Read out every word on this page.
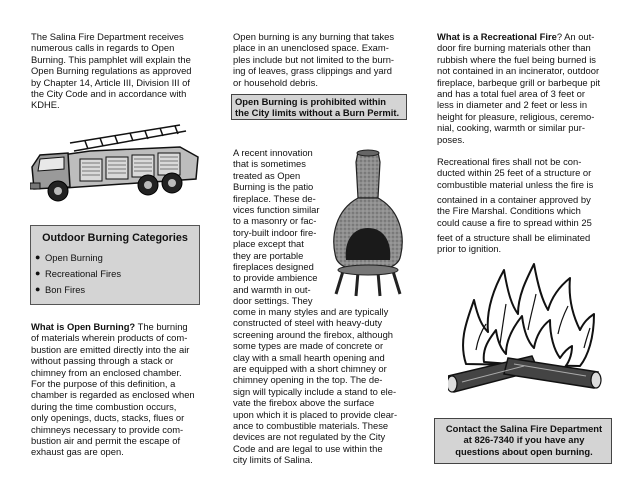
The Salina Fire Department receives
numerous calls in regards to Open
Burning. This pamphlet will explain the
Open Burning regulations as approved
by Chapter 14, Article III, Division III of
the City Code and in accordance with
KDHE.
Outdoor Burning Categories
● Open Burning
● Recreational Fires
● Bon Fires
What is Open Burning? The burning
of materials wherein products of com-
bustion are emitted directly into the air
without passing through a stack or
chimney from an enclosed chamber.
For the purpose of this definition, a
chamber is regarded as enclosed when
during the time combustion occurs,
only openings, ducts, stacks, flues or
chimneys necessary to provide com-
bustion air and permit the escape of
exhaust gas are open.
Open burning is any burning that takes
place in an unenclosed space. Exam-
ples include but not limited to the burn-
ing of leaves, grass clippings and yard
or household debris.
Open Burning is prohibited within
the City limits without a Burn Permit.
A recent innovation
that is sometimes
treated as Open
Burning is the patio
fireplace. These de-
vices function similar
to a masonry or fac-
tory-built indoor fire-
place except that
they are portable
fireplaces designed
to provide ambience
and warmth in out-
door settings. They
come in many styles and are typically
constructed of steel with heavy-duty
screening around the firebox, although
some types are made of concrete or
clay with a small hearth opening and
are equipped with a short chimney or
chimney opening in the top. The de-
sign will typically include a stand to ele-
vate the firebox above the surface
upon which it is placed to provide clear-
ance to combustible materials. These
devices are not regulated by the City
Code and are legal to use within the
city limits of Salina.
What is a Recreational Fire? An out-
door fire burning materials other than
rubbish where the fuel being burned is
not contained in an incinerator, outdoor
fireplace, barbeque grill or barbeque pit
and has a total fuel area of 3 feet or
less in diameter and 2 feet or less in
height for pleasure, religious, ceremo-
nial, cooking, warmth or similar pur-
poses.
Recreational fires shall not be con-
ducted within 25 feet of a structure or
combustible material unless the fire is
contained in a container approved by
the Fire Marshal. Conditions which
could cause a fire to spread within 25
feet of a structure shall be eliminated
prior to ignition.
Contact the Salina Fire Department
at 826-7340 if you have any
questions about open burning.
